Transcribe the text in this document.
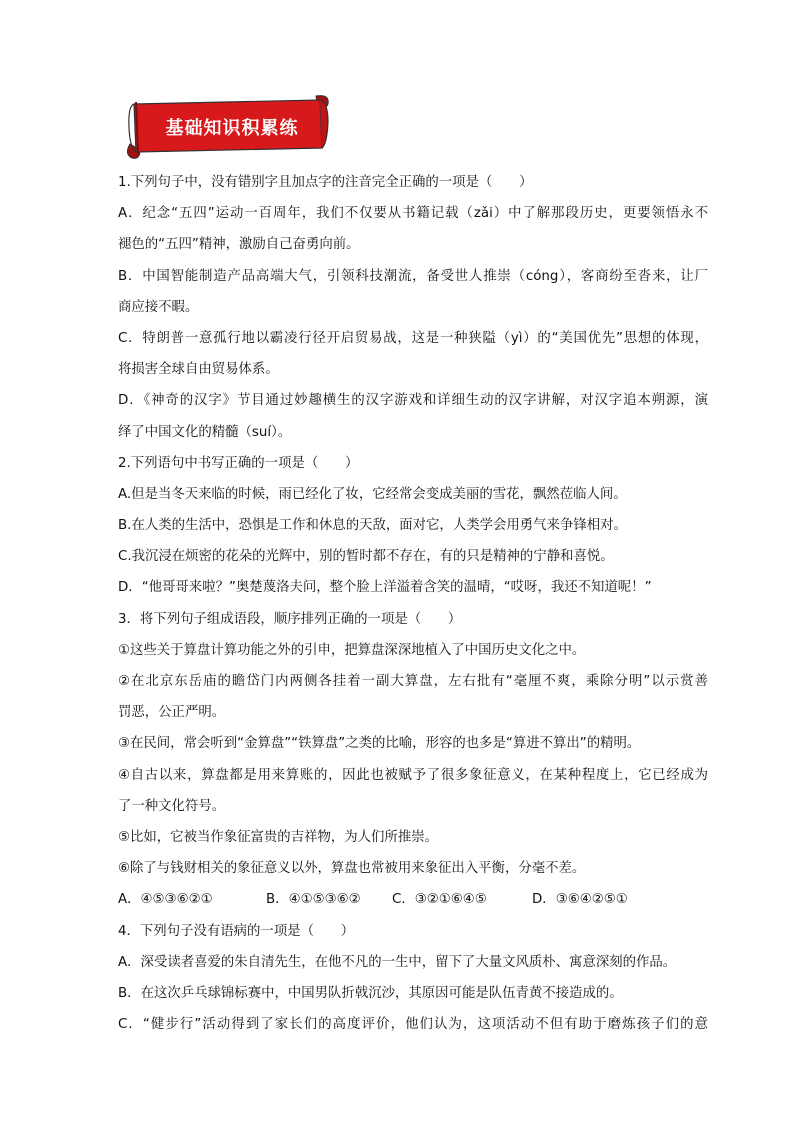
基础知识积累练

1.下列句子中，没有错别字且加点字的注音完全正确的一项是（　　）

A．纪念“五四”运动一百周年，我们不仅要从书籍记载（zǎi）中了解那段历史，更要领悟永不

褪色的“五四”精神，激励自己奋勇向前。

B．中国智能制造产品高端大气，引领科技潮流，备受世人推崇（cóng），客商纷至沓来，让厂

商应接不暇。

C．特朗普一意孤行地以霸凌行径开启贸易战，这是一种狭隘（yì）的“美国优先”思想的体现，

将损害全球自由贸易体系。

D．《神奇的汉字》节目通过妙趣横生的汉字游戏和详细生动的汉字讲解，对汉字追本朔源，演

绎了中国文化的精髓（suí）。

2.下列语句中书写正确的一项是（　　）

A.但是当冬天来临的时候，雨已经化了妆，它经常会变成美丽的雪花，飘然莅临人间。

B.在人类的生活中，恐惧是工作和休息的天敌，面对它，人类学会用勇气来争锋相对。

C.我沉浸在烦密的花朵的光辉中，别的暂时都不存在，有的只是精神的宁静和喜悦。

D．“他哥哥来啦？”奥楚蔑洛夫问，整个脸上洋溢着含笑的温晴，“哎呀，我还不知道呢！”

3．将下列句子组成语段，顺序排列正确的一项是（　　）

①这些关于算盘计算功能之外的引申，把算盘深深地植入了中国历史文化之中。

②在北京东岳庙的瞻岱门内两侧各挂着一副大算盘，左右批有“毫厘不爽，乘除分明”以示赏善

罚恶，公正严明。

③在民间，常会听到“金算盘”“铁算盘”之类的比喻，形容的也多是“算进不算出”的精明。

④自古以来，算盘都是用来算账的，因此也被赋予了很多象征意义，在某种程度上，它已经成为

了一种文化符号。

⑤比如，它被当作象征富贵的吉祥物，为人们所推崇。

⑥除了与钱财相关的象征意义以外，算盘也常被用来象征出入平衡，分毫不差。

A．④⑤③⑥②①	B．④①⑤③⑥②	C．③②①⑥④⑤	D．③⑥④②⑤①

4．下列句子没有语病的一项是（　　）

A．深受读者喜爱的朱自清先生，在他不凡的一生中，留下了大量文风质朴、寓意深刻的作品。

B．在这次乒乓球锦标赛中，中国男队折戟沉沙，其原因可能是队伍青黄不接造成的。

C．“健步行”活动得到了家长们的高度评价，他们认为，这项活动不但有助于磨炼孩子们的意
